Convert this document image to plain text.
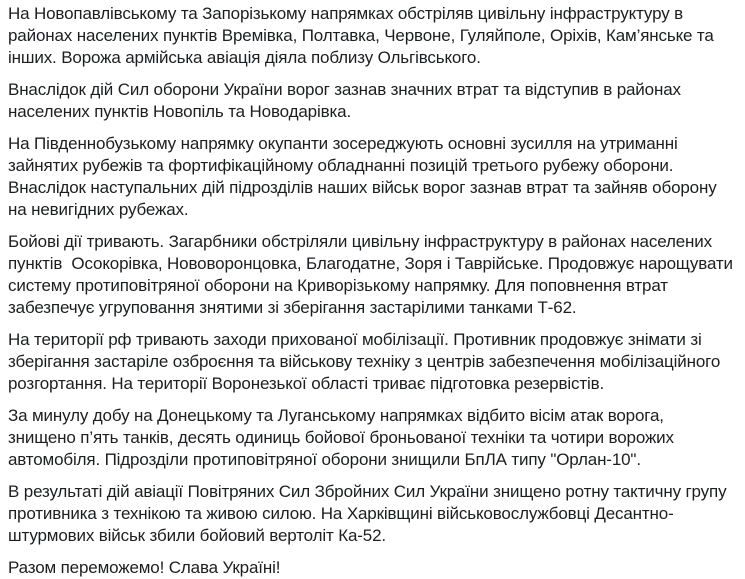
На Новопавлівському та Запорізькому напрямках обстріляв цивільну інфраструктуру в районах населених пунктів Времівка, Полтавка, Червоне, Гуляйполе, Оріхів, Кам’янське та інших. Ворожа армійська авіація діяла поблизу Ольгівського.

Внаслідок дій Сил оборони України ворог зазнав значних втрат та відступив в районах населених пунктів Новопіль та Новодарівка.

На Південнобузькому напрямку окупанти зосереджують основні зусилля на утриманні зайнятих рубежів та фортифікаційному обладнанні позицій третього рубежу оборони. Внаслідок наступальних дій підрозділів наших військ ворог зазнав втрат та зайняв оборону на невигідних рубежах.

Бойові дії тривають. Загарбники обстріляли цивільну інфраструктуру в районах населених пунктів  Осокорівка, Нововоронцовка, Благодатне, Зоря і Таврійське. Продовжує нарощувати систему протиповітряної оборони на Криворізькому напрямку. Для поповнення втрат забезпечує угруповання знятими зі зберігання застарілими танками Т-62.

На території рф тривають заходи прихованої мобілізації. Противник продовжує знімати зі зберігання застаріле озброєння та військову техніку з центрів забезпечення мобілізаційного розгортання. На території Воронезької області триває підготовка резервістів.

За минулу добу на Донецькому та Луганському напрямках відбито вісім атак ворога, знищено п’ять танків, десять одиниць бойової броньованої техніки та чотири ворожих автомобіля. Підрозділи протиповітряної оборони знищили БпЛА типу "Орлан-10".

В результаті дій авіації Повітряних Сил Збройних Сил України знищено ротну тактичну групу противника з технікою та живою силою. На Харківщині військовослужбовці Десантно-штурмових військ збили бойовий вертоліт Ка-52.

Разом переможемо! Слава Україні!
